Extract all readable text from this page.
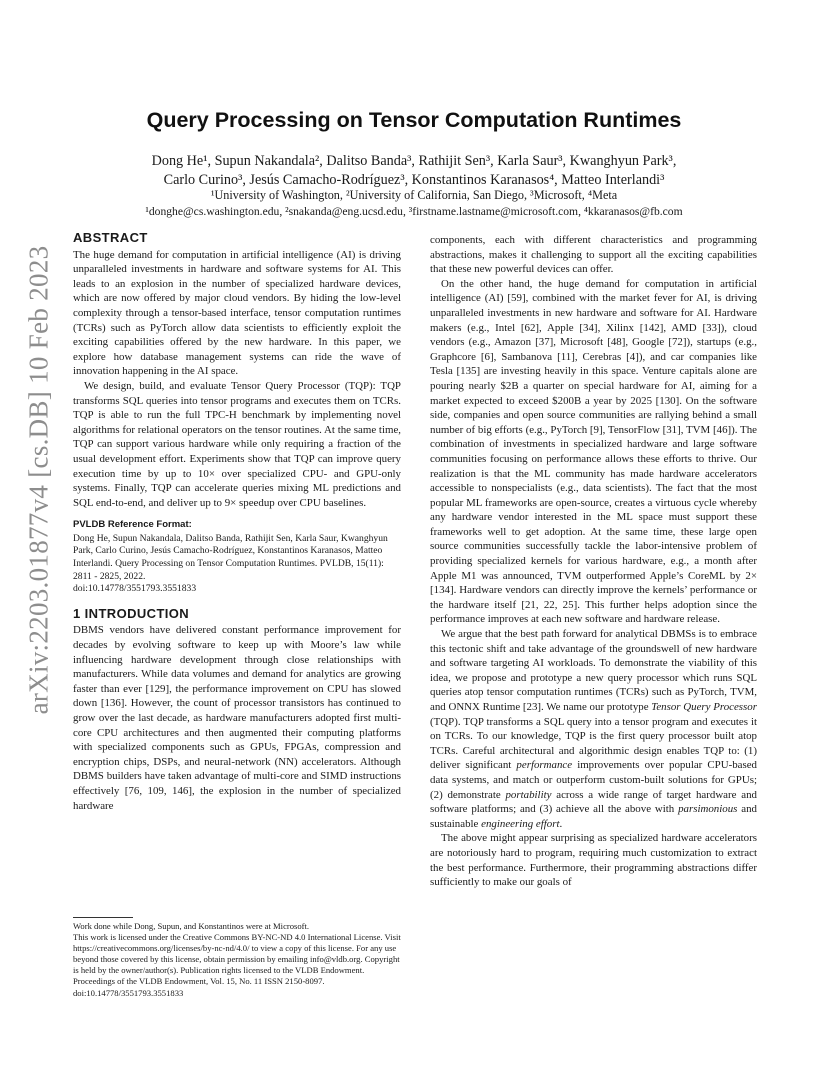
arXiv:2203.01877v4 [cs.DB] 10 Feb 2023
Query Processing on Tensor Computation Runtimes
Dong He¹, Supun Nakandala², Dalitso Banda³, Rathijit Sen³, Karla Saur³, Kwanghyun Park³,
Carlo Curino³, Jesús Camacho-Rodríguez³, Konstantinos Karanasos⁴, Matteo Interlandi³
¹University of Washington, ²University of California, San Diego, ³Microsoft, ⁴Meta
¹donghe@cs.washington.edu, ²snakanda@eng.ucsd.edu, ³firstname.lastname@microsoft.com, ⁴kkaranasos@fb.com
ABSTRACT

The huge demand for computation in artificial intelligence (AI) is driving unparalleled investments in hardware and software systems for AI. This leads to an explosion in the number of specialized hardware devices, which are now offered by major cloud vendors. By hiding the low-level complexity through a tensor-based interface, tensor computation runtimes (TCRs) such as PyTorch allow data scientists to efficiently exploit the exciting capabilities offered by the new hardware. In this paper, we explore how database management systems can ride the wave of innovation happening in the AI space.

We design, build, and evaluate Tensor Query Processor (TQP): TQP transforms SQL queries into tensor programs and executes them on TCRs. TQP is able to run the full TPC-H benchmark by implementing novel algorithms for relational operators on the tensor routines. At the same time, TQP can support various hardware while only requiring a fraction of the usual development effort. Experiments show that TQP can improve query execution time by up to 10× over specialized CPU- and GPU-only systems. Finally, TQP can accelerate queries mixing ML predictions and SQL end-to-end, and deliver up to 9× speedup over CPU baselines.

PVLDB Reference Format:
Dong He, Supun Nakandala, Dalitso Banda, Rathijit Sen, Karla Saur, Kwanghyun Park, Carlo Curino, Jesús Camacho-Rodríguez, Konstantinos Karanasos, Matteo Interlandi. Query Processing on Tensor Computation Runtimes. PVLDB, 15(11): 2811 - 2825, 2022.
doi:10.14778/3551793.3551833
1 INTRODUCTION

DBMS vendors have delivered constant performance improvement for decades by evolving software to keep up with Moore’s law while influencing hardware development through close relationships with manufacturers. While data volumes and demand for analytics are growing faster than ever [129], the performance improvement on CPU has slowed down [136]. However, the count of processor transistors has continued to grow over the last decade, as hardware manufacturers adopted first multi-core CPU architectures and then augmented their computing platforms with specialized components such as GPUs, FPGAs, compression and encryption chips, DSPs, and neural-network (NN) accelerators. Although DBMS builders have taken advantage of multi-core and SIMD instructions effectively [76, 109, 146], the explosion in the number of specialized hardware

Work done while Dong, Supun, and Konstantinos were at Microsoft.
This work is licensed under the Creative Commons BY-NC-ND 4.0 International License. Visit https://creativecommons.org/licenses/by-nc-nd/4.0/ to view a copy of this license. For any use beyond those covered by this license, obtain permission by emailing info@vldb.org. Copyright is held by the owner/author(s). Publication rights licensed to the VLDB Endowment.
Proceedings of the VLDB Endowment, Vol. 15, No. 11 ISSN 2150-8097.
doi:10.14778/3551793.3551833

components, each with different characteristics and programming abstractions, makes it challenging to support all the exciting capabilities that these new powerful devices can offer.

On the other hand, the huge demand for computation in artificial intelligence (AI) [59], combined with the market fever for AI, is driving unparalleled investments in new hardware and software for AI. Hardware makers (e.g., Intel [62], Apple [34], Xilinx [142], AMD [33]), cloud vendors (e.g., Amazon [37], Microsoft [48], Google [72]), startups (e.g., Graphcore [6], Sambanova [11], Cerebras [4]), and car companies like Tesla [135] are investing heavily in this space. Venture capitals alone are pouring nearly $2B a quarter on special hardware for AI, aiming for a market expected to exceed $200B a year by 2025 [130]. On the software side, companies and open source communities are rallying behind a small number of big efforts (e.g., PyTorch [9], TensorFlow [31], TVM [46]). The combination of investments in specialized hardware and large software communities focusing on performance allows these efforts to thrive. Our realization is that the ML community has made hardware accelerators accessible to nonspecialists (e.g., data scientists). The fact that the most popular ML frameworks are open-source, creates a virtuous cycle whereby any hardware vendor interested in the ML space must support these frameworks well to get adoption. At the same time, these large open source communities successfully tackle the labor-intensive problem of providing specialized kernels for various hardware, e.g., a month after Apple M1 was announced, TVM outperformed Apple’s CoreML by 2× [134]. Hardware vendors can directly improve the kernels’ performance or the hardware itself [21, 22, 25]. This further helps adoption since the performance improves at each new software and hardware release.

We argue that the best path forward for analytical DBMSs is to embrace this tectonic shift and take advantage of the groundswell of new hardware and software targeting AI workloads. To demonstrate the viability of this idea, we propose and prototype a new query processor which runs SQL queries atop tensor computation runtimes (TCRs) such as PyTorch, TVM, and ONNX Runtime [23]. We name our prototype Tensor Query Processor (TQP). TQP transforms a SQL query into a tensor program and executes it on TCRs. To our knowledge, TQP is the first query processor built atop TCRs. Careful architectural and algorithmic design enables TQP to: (1) deliver significant performance improvements over popular CPU-based data systems, and match or outperform custom-built solutions for GPUs; (2) demonstrate portability across a wide range of target hardware and software platforms; and (3) achieve all the above with parsimonious and sustainable engineering effort.

The above might appear surprising as specialized hardware accelerators are notoriously hard to program, requiring much customization to extract the best performance. Furthermore, their programming abstractions differ sufficiently to make our goals of
